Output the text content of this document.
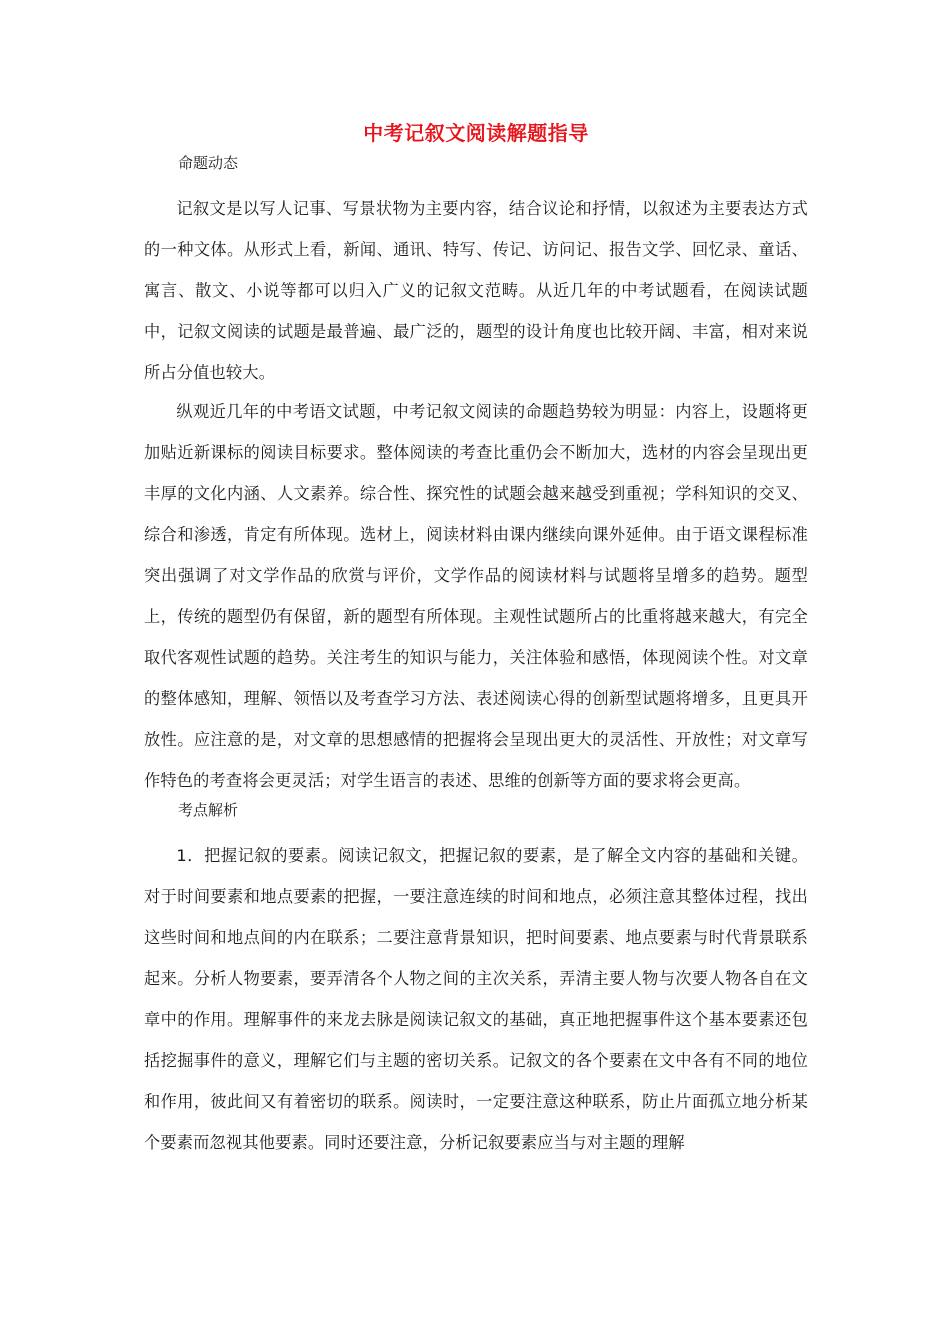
中考记叙文阅读解题指导
命题动态

记叙文是以写人记事、写景状物为主要内容，结合议论和抒情，以叙述为主要表达方式的一种文体。从形式上看，新闻、通讯、特写、传记、访问记、报告文学、回忆录、童话、寓言、散文、小说等都可以归入广义的记叙文范畴。从近几年的中考试题看，在阅读试题中，记叙文阅读的试题是最普遍、最广泛的，题型的设计角度也比较开阔、丰富，相对来说所占分值也较大。

纵观近几年的中考语文试题，中考记叙文阅读的命题趋势较为明显：内容上，设题将更加贴近新课标的阅读目标要求。整体阅读的考查比重仍会不断加大，选材的内容会呈现出更丰厚的文化内涵、人文素养。综合性、探究性的试题会越来越受到重视；学科知识的交叉、综合和渗透，肯定有所体现。选材上，阅读材料由课内继续向课外延伸。由于语文课程标准突出强调了对文学作品的欣赏与评价，文学作品的阅读材料与试题将呈增多的趋势。题型上，传统的题型仍有保留，新的题型有所体现。主观性试题所占的比重将越来越大，有完全取代客观性试题的趋势。关注考生的知识与能力，关注体验和感悟，体现阅读个性。对文章的整体感知，理解、领悟以及考查学习方法、表述阅读心得的创新型试题将增多，且更具开放性。应注意的是，对文章的思想感情的把握将会呈现出更大的灵活性、开放性；对文章写作特色的考查将会更灵活；对学生语言的表述、思维的创新等方面的要求将会更高。

考点解析

1．把握记叙的要素。阅读记叙文，把握记叙的要素，是了解全文内容的基础和关键。对于时间要素和地点要素的把握，一要注意连续的时间和地点，必须注意其整体过程，找出这些时间和地点间的内在联系；二要注意背景知识，把时间要素、地点要素与时代背景联系起来。分析人物要素，要弄清各个人物之间的主次关系，弄清主要人物与次要人物各自在文章中的作用。理解事件的来龙去脉是阅读记叙文的基础，真正地把握事件这个基本要素还包括挖掘事件的意义，理解它们与主题的密切关系。记叙文的各个要素在文中各有不同的地位和作用，彼此间又有着密切的联系。阅读时，一定要注意这种联系，防止片面孤立地分析某个要素而忽视其他要素。同时还要注意，分析记叙要素应当与对主题的理解
